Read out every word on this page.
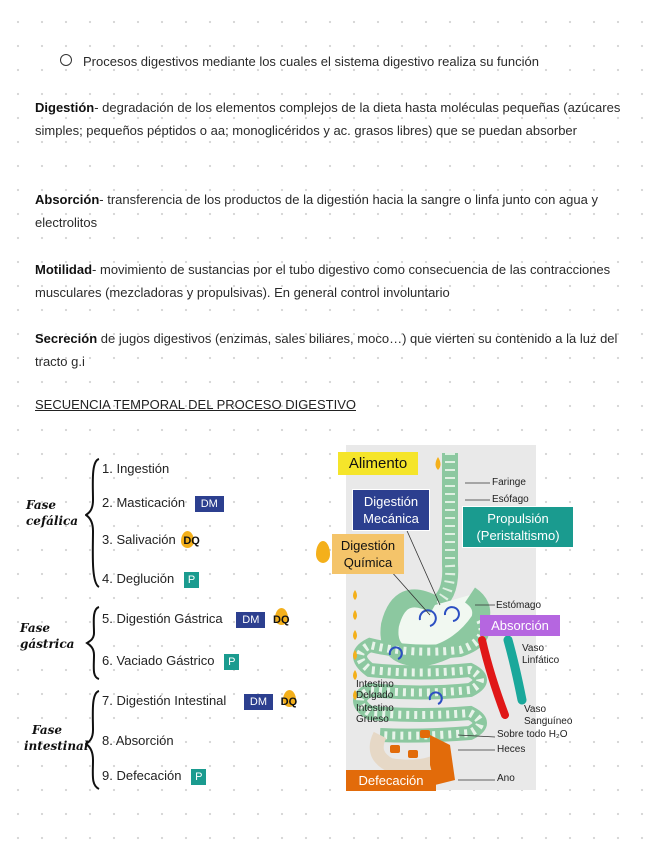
Procesos digestivos mediante los cuales el sistema digestivo realiza su función
Digestión- degradación de los elementos complejos de la dieta hasta moléculas pequeñas (azúcares simples; pequeños péptidos o aa; monoglicéridos y ac. grasos libres) que se puedan absorber
Absorción- transferencia de los productos de la digestión hacia la sangre o linfa junto con agua y electrolitos
Motilidad- movimiento de sustancias por el tubo digestivo como consecuencia de las contracciones musculares (mezcladoras y propulsivas). En general control involuntario
Secreción de jugos digestivos (enzimas, sales biliares, moco…) que vierten su contenido a la luz del tracto g.i
SECUENCIA TEMPORAL DEL PROCESO DIGESTIVO
Fase
cefálica
Fase
gástrica
Fase
intestinal
1. Ingestión
2. Masticación DM
3. Salivación DQ
4. Deglución P
5. Digestión Gástrica DM DQ
6. Vaciado Gástrico P
7. Digestión Intestinal DM DQ
8. Absorción
9. Defecación P
Alimento
Digestión
Mecánica
Digestión
Química
Propulsión
(Peristaltismo)
Absorción
Defecación
Faringe
Esófago
Estómago
Vaso
Linfático
Intestino
Delgado
Intestino
Grueso
Vaso
Sanguíneo
Sobre todo H₂O
Heces
Ano
